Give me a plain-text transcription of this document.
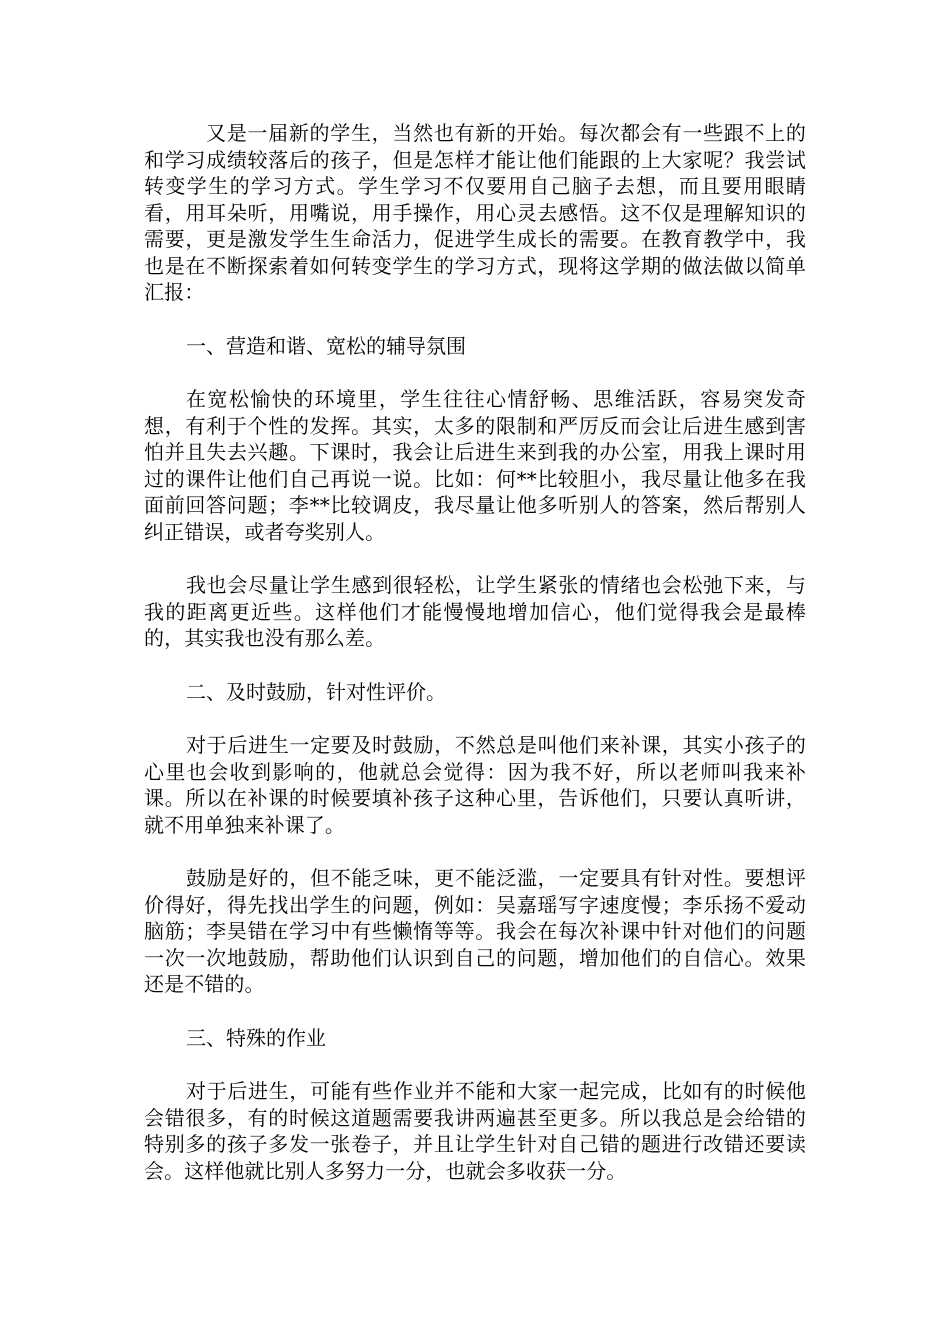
又是一届新的学生，当然也有新的开始。每次都会有一些跟不上的和学习成绩较落后的孩子，但是怎样才能让他们能跟的上大家呢？我尝试转变学生的学习方式。学生学习不仅要用自己脑子去想，而且要用眼睛看，用耳朵听，用嘴说，用手操作，用心灵去感悟。这不仅是理解知识的需要，更是激发学生生命活力，促进学生成长的需要。在教育教学中，我也是在不断探索着如何转变学生的学习方式，现将这学期的做法做以简单汇报：

一、营造和谐、宽松的辅导氛围

在宽松愉快的环境里，学生往往心情舒畅、思维活跃，容易突发奇想，有利于个性的发挥。其实，太多的限制和严厉反而会让后进生感到害怕并且失去兴趣。下课时，我会让后进生来到我的办公室，用我上课时用过的课件让他们自己再说一说。比如：何**比较胆小，我尽量让他多在我面前回答问题；李**比较调皮，我尽量让他多听别人的答案，然后帮别人纠正错误，或者夸奖别人。

我也会尽量让学生感到很轻松，让学生紧张的情绪也会松弛下来，与我的距离更近些。这样他们才能慢慢地增加信心，他们觉得我会是最棒的，其实我也没有那么差。

二、及时鼓励，针对性评价。

对于后进生一定要及时鼓励，不然总是叫他们来补课，其实小孩子的心里也会收到影响的，他就总会觉得：因为我不好，所以老师叫我来补课。所以在补课的时候要填补孩子这种心里，告诉他们，只要认真听讲，就不用单独来补课了。

鼓励是好的，但不能乏味，更不能泛滥，一定要具有针对性。要想评价得好，得先找出学生的问题，例如：吴嘉瑶写字速度慢；李乐扬不爱动脑筋；李昊错在学习中有些懒惰等等。我会在每次补课中针对他们的问题一次一次地鼓励，帮助他们认识到自己的问题，增加他们的自信心。效果还是不错的。

三、特殊的作业

对于后进生，可能有些作业并不能和大家一起完成，比如有的时候他会错很多，有的时候这道题需要我讲两遍甚至更多。所以我总是会给错的特别多的孩子多发一张卷子，并且让学生针对自己错的题进行改错还要读会。这样他就比别人多努力一分，也就会多收获一分。
